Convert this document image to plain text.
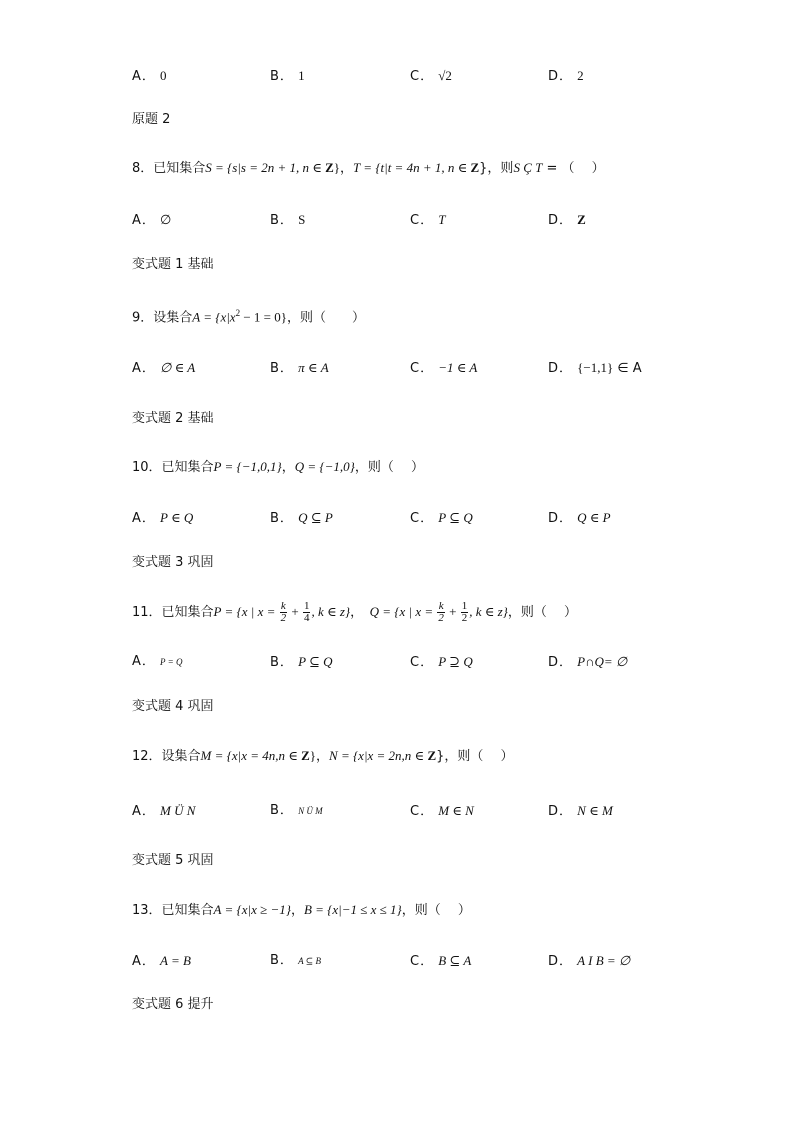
A． 0	B． 1	C． √2	D． 2
原题 2
8．已知集合S = {s|s = 2n + 1, n ∈ Z}，T = {t|t = 4n + 1, n ∈ Z}，则S Ç T = （　 ）
A． ∅	B． S	C． T	D． Z
变式题 1 基础
9．设集合$A = \{x|x^2 - 1 = 0\}$，则（　　）
A． ∅ ∈ A	B． π ∈ A	C． −1 ∈ A	D． {−1,1} ∈ A
变式题 2 基础
10．已知集合P = {−1,0,1}，Q = {−1,0}，则（　 ）
A． P ∈ Q	B． Q ⊆ P	C． P ⊆ Q	D． Q ∈ P
变式题 3 巩固
11．已知集合P = {x | $x = \frac{k}{2} + \frac{1}{4}$ , k ∈ z}，　Q = {x | $x = \frac{k}{2} + \frac{1}{2}$ , k ∈ z}，则（　 ）
A． P = Q	B． P ⊆ Q	C． P ⊇ Q	D． P∩Q= ∅
变式题 4 巩固
12．设集合M = {x|x = 4n,n ∈ Z}，N = {x|x = 2n,n ∈ Z}，则（　 ）
A． M Ü N	B． N Ü M	C． M ∈ N	D． N ∈ M
变式题 5 巩固
13．已知集合A = {x|x ≥ −1}，B = {x|−1 ≤ x ≤ 1}，则（　 ）
A． A = B	B． A ⊆ B	C． B ⊆ A	D． A I B = ∅
变式题 6 提升
